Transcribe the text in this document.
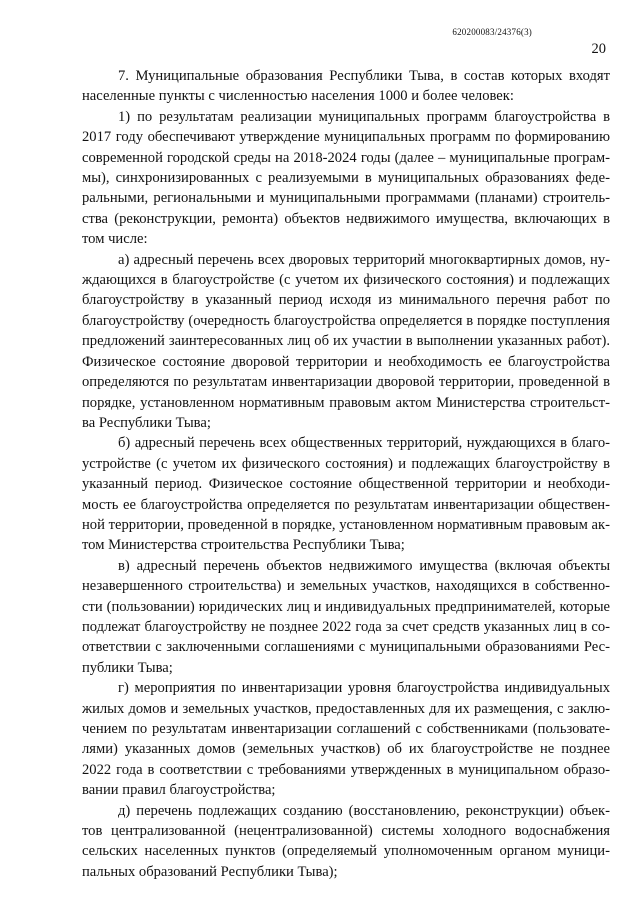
620200083/24376(3)
20

7. Муниципальные образования Республики Тыва, в состав которых входят населенные пункты с численностью населения 1000 и более человек:

1) по результатам реализации муниципальных программ благоустройства в 2017 году обеспечивают утверждение муниципальных программ по формированию современной городской среды на 2018-2024 годы (далее – муниципальные программы), синхронизированных с реализуемыми в муниципальных образованиях федеральными, региональными и муниципальными программами (планами) строительства (реконструкции, ремонта) объектов недвижимого имущества, включающих в том числе:

а) адресный перечень всех дворовых территорий многоквартирных домов, нуждающихся в благоустройстве (с учетом их физического состояния) и подлежащих благоустройству в указанный период исходя из минимального перечня работ по благоустройству (очередность благоустройства определяется в порядке поступления предложений заинтересованных лиц об их участии в выполнении указанных работ). Физическое состояние дворовой территории и необходимость ее благоустройства определяются по результатам инвентаризации дворовой территории, проведенной в порядке, установленном нормативным правовым актом Министерства строительства Республики Тыва;

б) адресный перечень всех общественных территорий, нуждающихся в благоустройстве (с учетом их физического состояния) и подлежащих благоустройству в указанный период. Физическое состояние общественной территории и необходимость ее благоустройства определяется по результатам инвентаризации общественной территории, проведенной в порядке, установленном нормативным правовым актом Министерства строительства Республики Тыва;

в) адресный перечень объектов недвижимого имущества (включая объекты незавершенного строительства) и земельных участков, находящихся в собственности (пользовании) юридических лиц и индивидуальных предпринимателей, которые подлежат благоустройству не позднее 2022 года за счет средств указанных лиц в соответствии с заключенными соглашениями с муниципальными образованиями Республики Тыва;

г) мероприятия по инвентаризации уровня благоустройства индивидуальных жилых домов и земельных участков, предоставленных для их размещения, с заключением по результатам инвентаризации соглашений с собственниками (пользователями) указанных домов (земельных участков) об их благоустройстве не позднее 2022 года в соответствии с требованиями утвержденных в муниципальном образовании правил благоустройства;

д) перечень подлежащих созданию (восстановлению, реконструкции) объектов централизованной (нецентрализованной) системы холодного водоснабжения сельских населенных пунктов (определяемый уполномоченным органом муниципальных образований Республики Тыва);
